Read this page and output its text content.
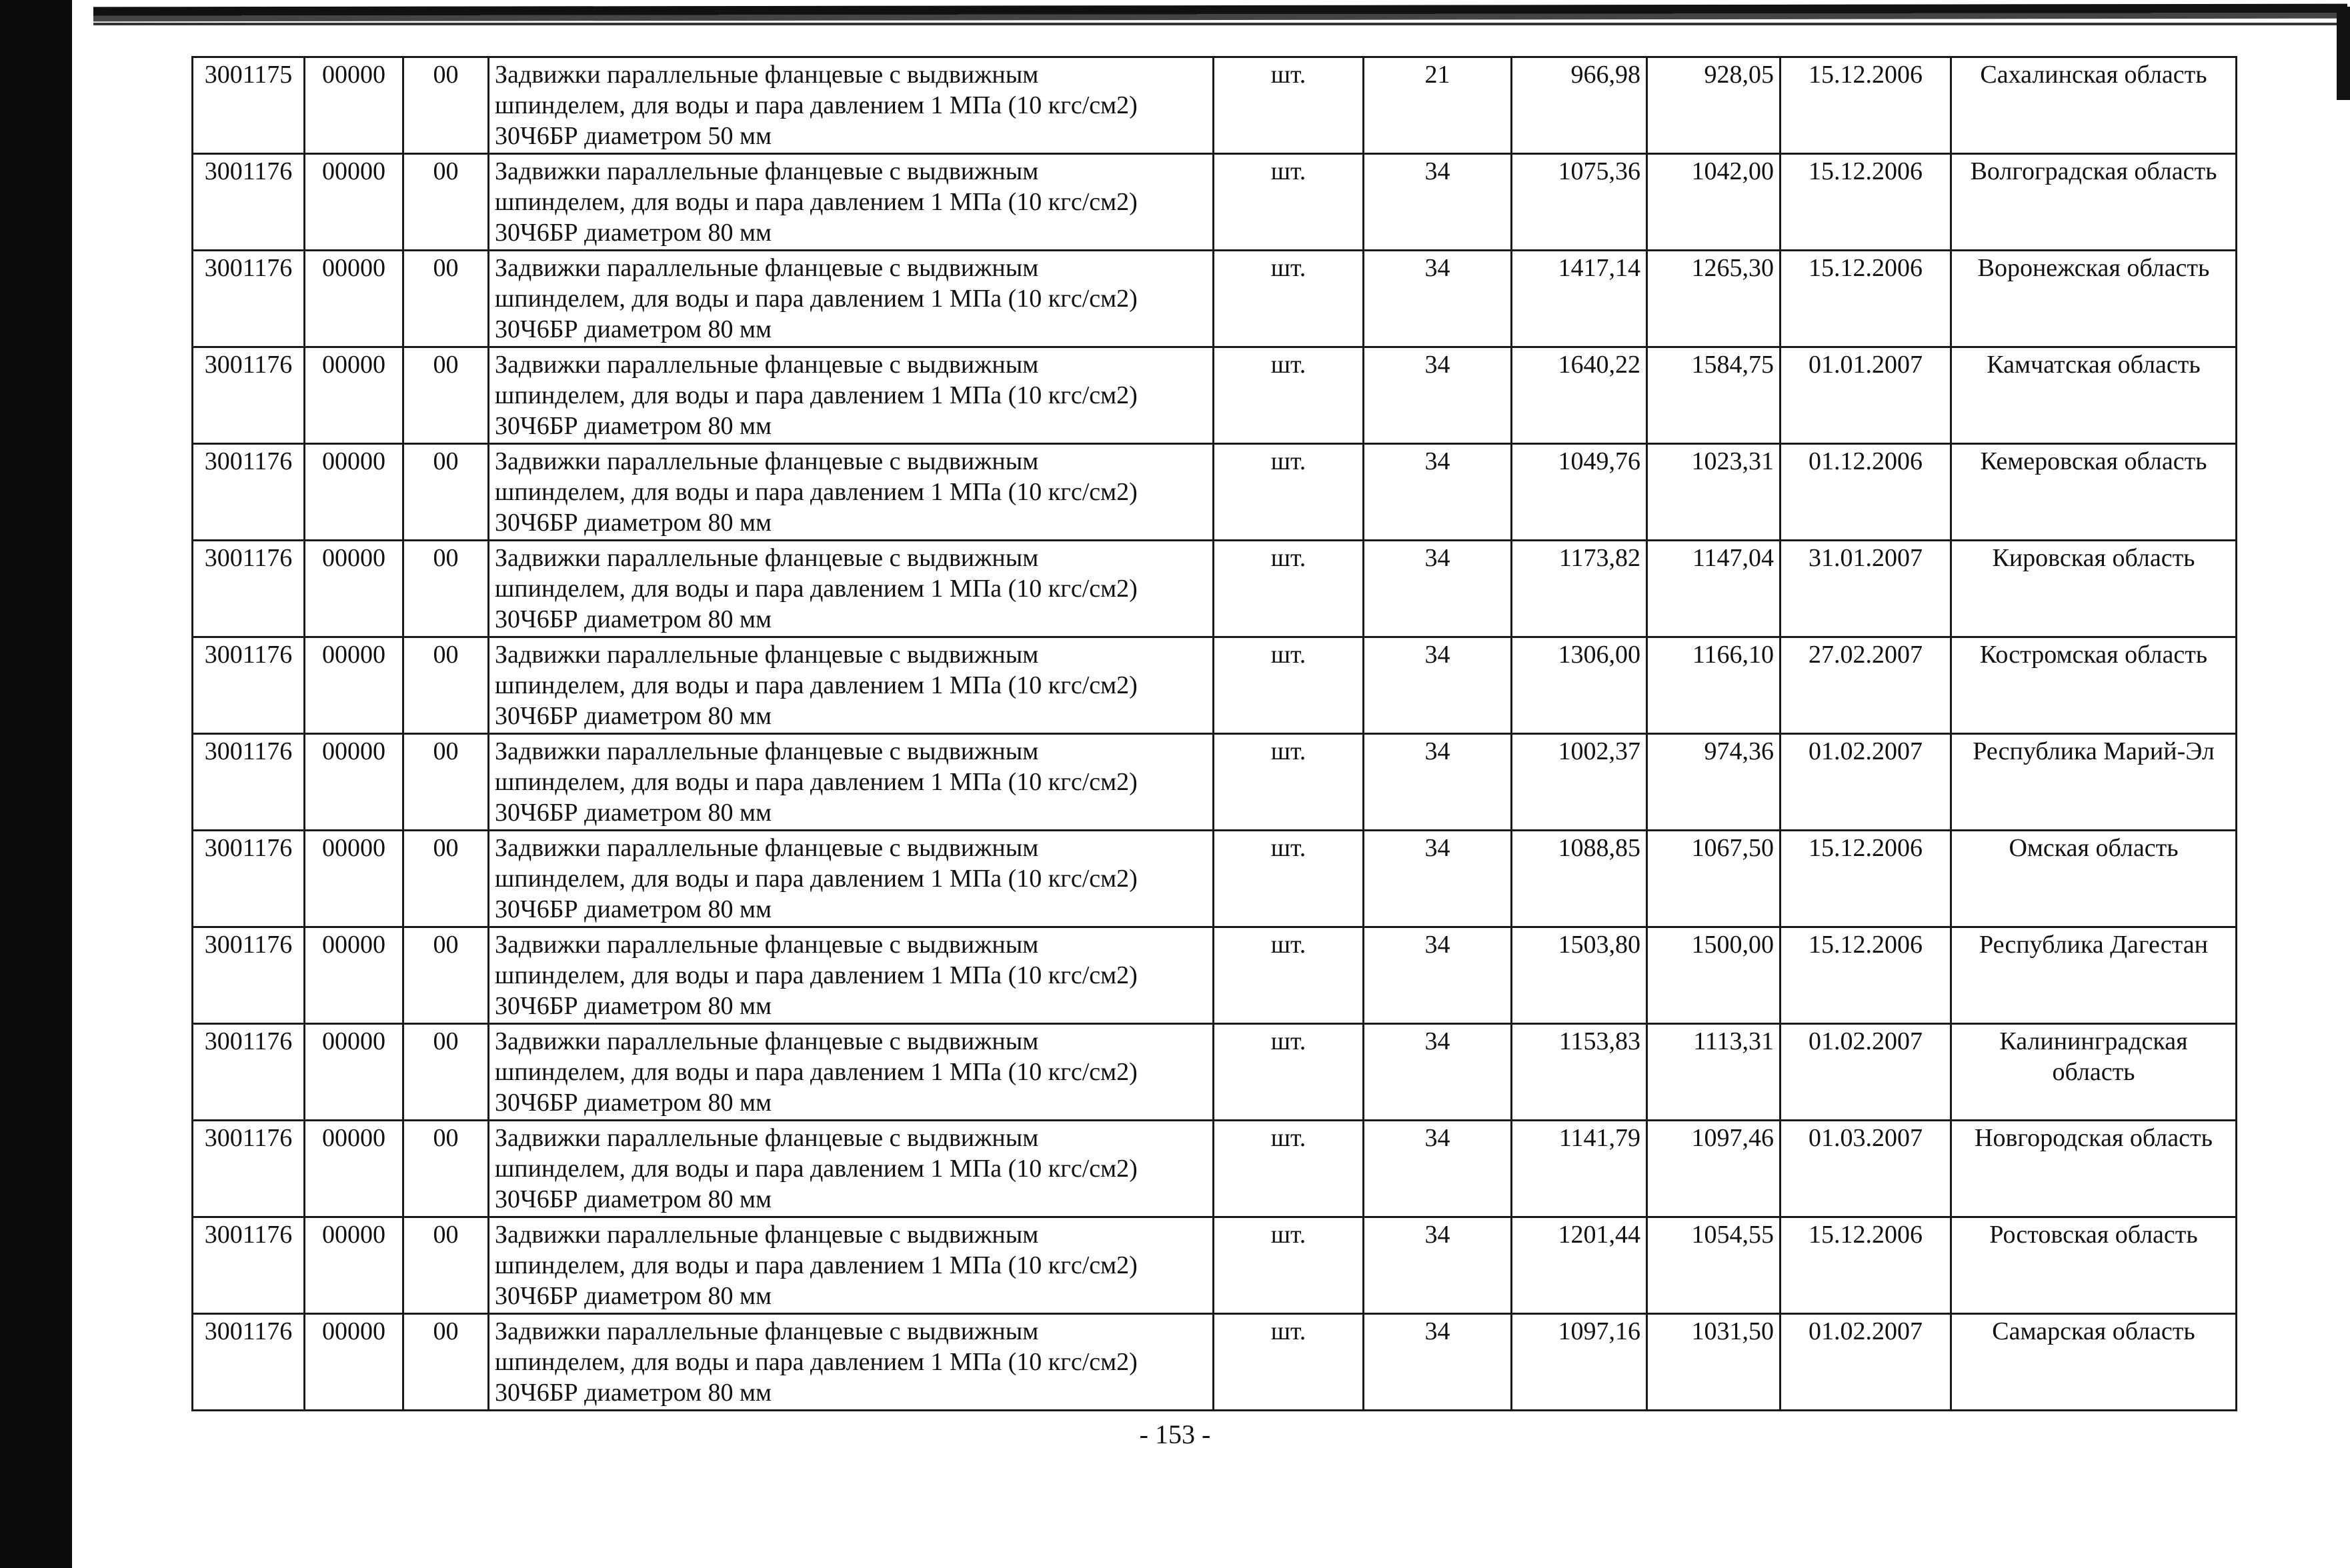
3001175	00000	00	Задвижки параллельные фланцевые с выдвижным
шпинделем, для воды и пара давлением 1 МПа (10 кгс/см2)
30Ч6БР диаметром 50 мм	шт.	21	966,98	928,05	15.12.2006	Сахалинская область
3001176	00000	00	Задвижки параллельные фланцевые с выдвижным
шпинделем, для воды и пара давлением 1 МПа (10 кгс/см2)
30Ч6БР диаметром 80 мм	шт.	34	1075,36	1042,00	15.12.2006	Волгоградская область
3001176	00000	00	Задвижки параллельные фланцевые с выдвижным
шпинделем, для воды и пара давлением 1 МПа (10 кгс/см2)
30Ч6БР диаметром 80 мм	шт.	34	1417,14	1265,30	15.12.2006	Воронежская область
3001176	00000	00	Задвижки параллельные фланцевые с выдвижным
шпинделем, для воды и пара давлением 1 МПа (10 кгс/см2)
30Ч6БР диаметром 80 мм	шт.	34	1640,22	1584,75	01.01.2007	Камчатская область
3001176	00000	00	Задвижки параллельные фланцевые с выдвижным
шпинделем, для воды и пара давлением 1 МПа (10 кгс/см2)
30Ч6БР диаметром 80 мм	шт.	34	1049,76	1023,31	01.12.2006	Кемеровская область
3001176	00000	00	Задвижки параллельные фланцевые с выдвижным
шпинделем, для воды и пара давлением 1 МПа (10 кгс/см2)
30Ч6БР диаметром 80 мм	шт.	34	1173,82	1147,04	31.01.2007	Кировская область
3001176	00000	00	Задвижки параллельные фланцевые с выдвижным
шпинделем, для воды и пара давлением 1 МПа (10 кгс/см2)
30Ч6БР диаметром 80 мм	шт.	34	1306,00	1166,10	27.02.2007	Костромская область
3001176	00000	00	Задвижки параллельные фланцевые с выдвижным
шпинделем, для воды и пара давлением 1 МПа (10 кгс/см2)
30Ч6БР диаметром 80 мм	шт.	34	1002,37	974,36	01.02.2007	Республика Марий-Эл
3001176	00000	00	Задвижки параллельные фланцевые с выдвижным
шпинделем, для воды и пара давлением 1 МПа (10 кгс/см2)
30Ч6БР диаметром 80 мм	шт.	34	1088,85	1067,50	15.12.2006	Омская область
3001176	00000	00	Задвижки параллельные фланцевые с выдвижным
шпинделем, для воды и пара давлением 1 МПа (10 кгс/см2)
30Ч6БР диаметром 80 мм	шт.	34	1503,80	1500,00	15.12.2006	Республика Дагестан
3001176	00000	00	Задвижки параллельные фланцевые с выдвижным
шпинделем, для воды и пара давлением 1 МПа (10 кгс/см2)
30Ч6БР диаметром 80 мм	шт.	34	1153,83	1113,31	01.02.2007	Калининградская область
3001176	00000	00	Задвижки параллельные фланцевые с выдвижным
шпинделем, для воды и пара давлением 1 МПа (10 кгс/см2)
30Ч6БР диаметром 80 мм	шт.	34	1141,79	1097,46	01.03.2007	Новгородская область
3001176	00000	00	Задвижки параллельные фланцевые с выдвижным
шпинделем, для воды и пара давлением 1 МПа (10 кгс/см2)
30Ч6БР диаметром 80 мм	шт.	34	1201,44	1054,55	15.12.2006	Ростовская область
3001176	00000	00	Задвижки параллельные фланцевые с выдвижным
шпинделем, для воды и пара давлением 1 МПа (10 кгс/см2)
30Ч6БР диаметром 80 мм	шт.	34	1097,16	1031,50	01.02.2007	Самарская область
- 153 -
